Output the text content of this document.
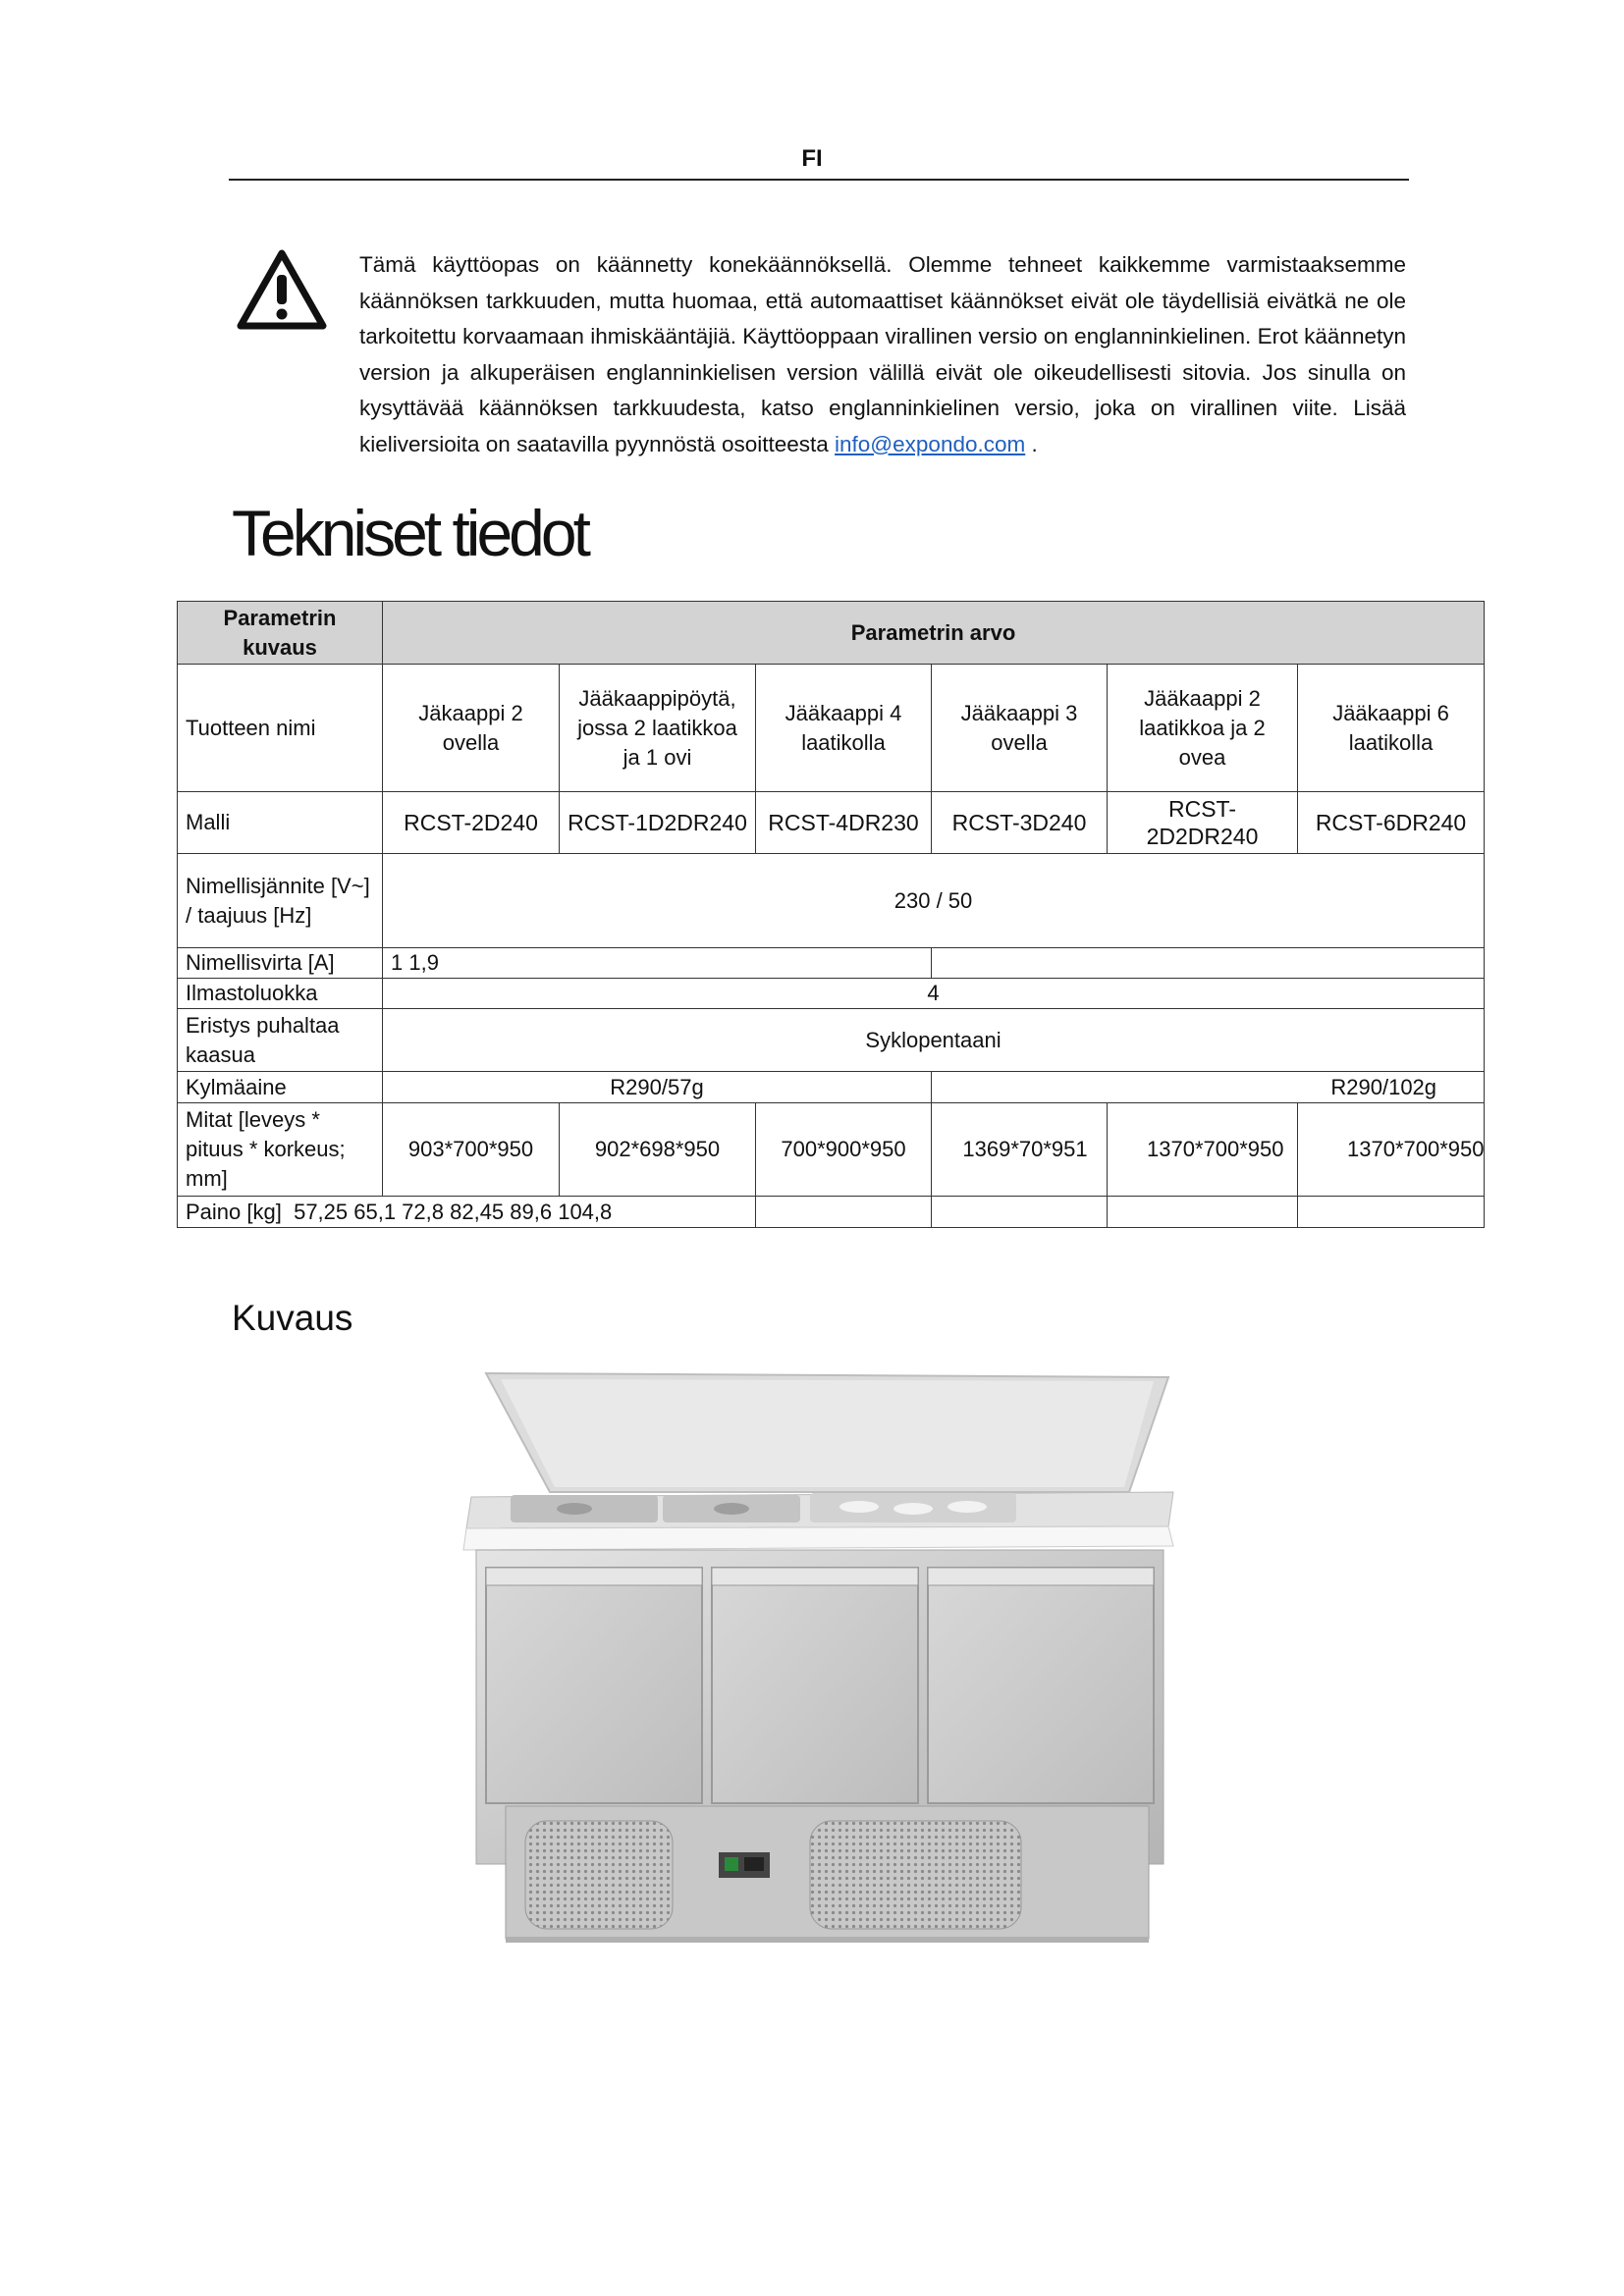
FI
Tämä käyttöopas on käännetty konekäännöksellä. Olemme tehneet kaikkemme varmistaaksemme käännöksen tarkkuuden, mutta huomaa, että automaattiset käännökset eivät ole täydellisiä eivätkä ne ole tarkoitettu korvaamaan ihmiskääntäjiä. Käyttöoppaan virallinen versio on englanninkielinen. Erot käännetyn version ja alkuperäisen englanninkielisen version välillä eivät ole oikeudellisesti sitovia. Jos sinulla on kysyttävää käännöksen tarkkuudesta, katso englanninkielinen versio, joka on virallinen viite. Lisää kieliversioita on saatavilla pyynnöstä osoitteesta info@expondo.com .
Tekniset tiedot
Parametrin kuvaus	Parametrin arvo					
Tuotteen nimi	Jäkaappi 2 ovella	Jääkaappipöytä, jossa 2 laatikkoa ja 1 ovi	Jääkaappi 4 laatikolla	Jääkaappi 3 ovella	Jääkaappi 2 laatikkoa ja 2 ovea	Jääkaappi 6 laatikolla
Malli	RCST-2D240	RCST-1D2DR240	RCST-4DR230	RCST-3D240	RCST-2D2DR240	RCST-6DR240
Nimellisjännite [V~] / taajuus [Hz]	230 / 50					
Nimellisvirta [A]	1 1,9					
Ilmastoluokka	4					
Eristys puhaltaa kaasua	Syklopentaani					
Kylmäaine	R290/57g			R290/102g		
Mitat [leveys * pituus * korkeus; mm]	903*700*950	902*698*950	700*900*950	1369*70*951	1370*700*950	1370*700*950
Paino [kg] 57,25 65,1 72,8 82,45 89,6 104,8						
Kuvaus
